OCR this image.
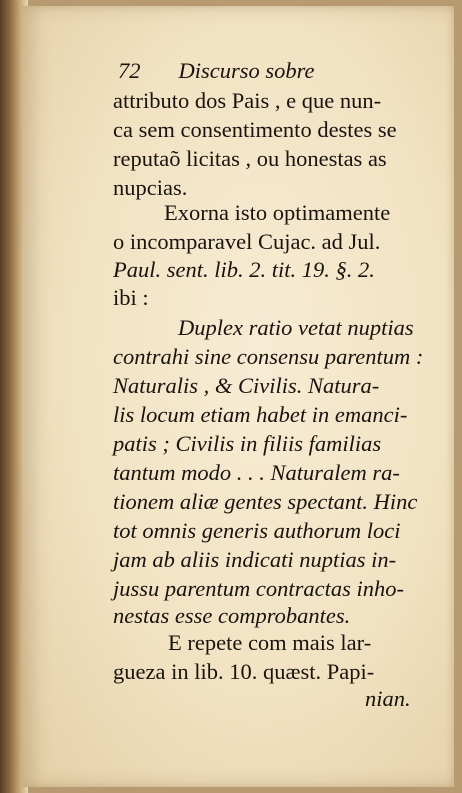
72 Discurso sobre
attributo dos Pais , e que nun-
ca sem consentimento destes se
reputaõ licitas , ou honestas as
nupcias.
Exorna isto optimamente
o incomparavel Cujac. ad Jul.
Paul. sent. lib. 2. tit. 19. §. 2.
ibi :
Duplex ratio vetat nuptias
contrahi sine consensu parentum :
Naturalis , & Civilis. Natura-
lis locum etiam habet in emanci-
patis ; Civilis in filiis familias
tantum modo . . . Naturalem ra-
tionem aliæ gentes spectant. Hinc
tot omnis generis authorum loci
jam ab aliis indicati nuptias in-
jussu parentum contractas inho-
nestas esse comprobantes.
E repete com mais lar-
gueza in lib. 10. quæst. Papi-
nian.
